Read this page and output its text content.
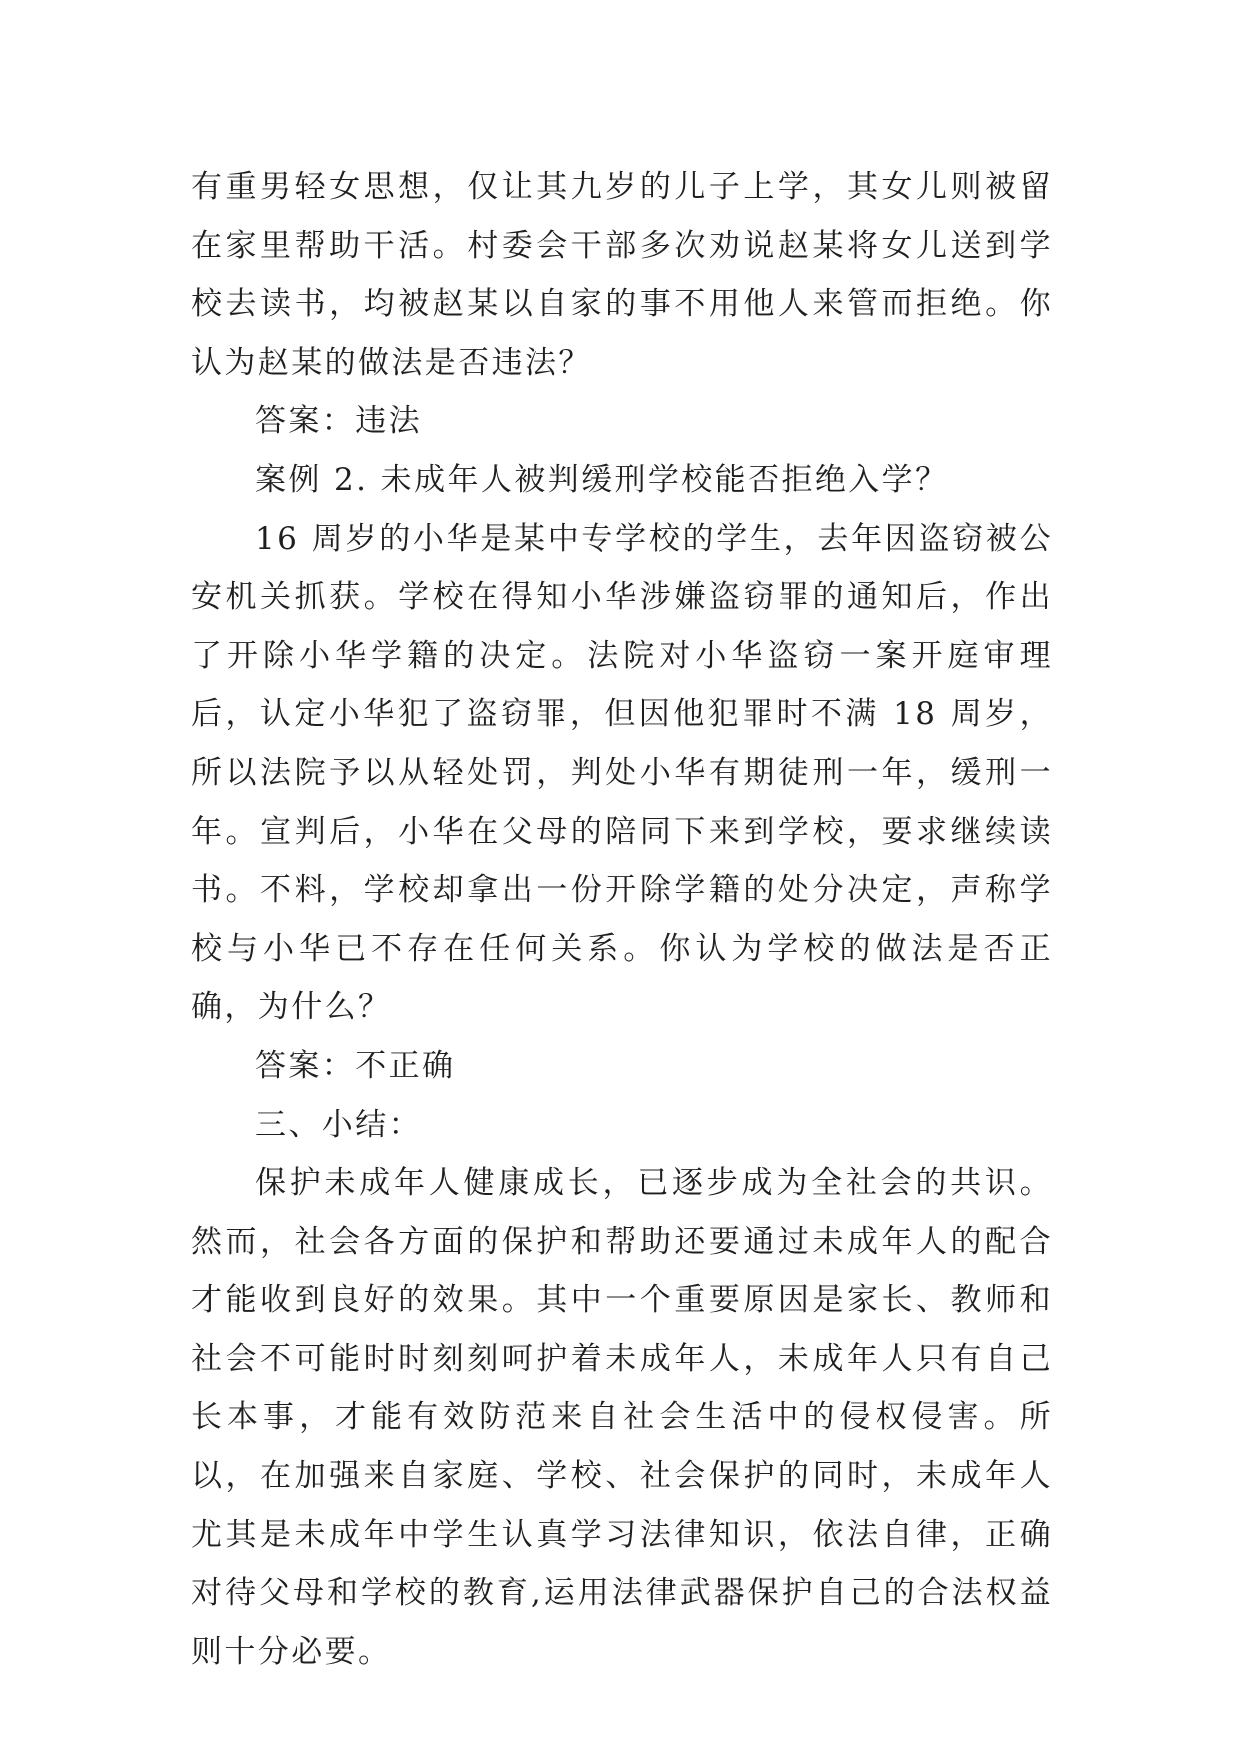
有重男轻女思想，仅让其九岁的儿子上学，其女儿则被留在家里帮助干活。村委会干部多次劝说赵某将女儿送到学校去读书，均被赵某以自家的事不用他人来管而拒绝。你认为赵某的做法是否违法？

答案：违法

案例 2. 未成年人被判缓刑学校能否拒绝入学？

16 周岁的小华是某中专学校的学生，去年因盗窃被公安机关抓获。学校在得知小华涉嫌盗窃罪的通知后，作出了开除小华学籍的决定。法院对小华盗窃一案开庭审理后，认定小华犯了盗窃罪，但因他犯罪时不满 18 周岁，所以法院予以从轻处罚，判处小华有期徒刑一年，缓刑一年。宣判后，小华在父母的陪同下来到学校，要求继续读书。不料，学校却拿出一份开除学籍的处分决定，声称学校与小华已不存在任何关系。你认为学校的做法是否正确，为什么？

答案：不正确

三、小结：

保护未成年人健康成长，已逐步成为全社会的共识。然而，社会各方面的保护和帮助还要通过未成年人的配合才能收到良好的效果。其中一个重要原因是家长、教师和社会不可能时时刻刻呵护着未成年人，未成年人只有自己长本事，才能有效防范来自社会生活中的侵权侵害。所以，在加强来自家庭、学校、社会保护的同时，未成年人尤其是未成年中学生认真学习法律知识，依法自律，正确对待父母和学校的教育,运用法律武器保护自己的合法权益则十分必要。
